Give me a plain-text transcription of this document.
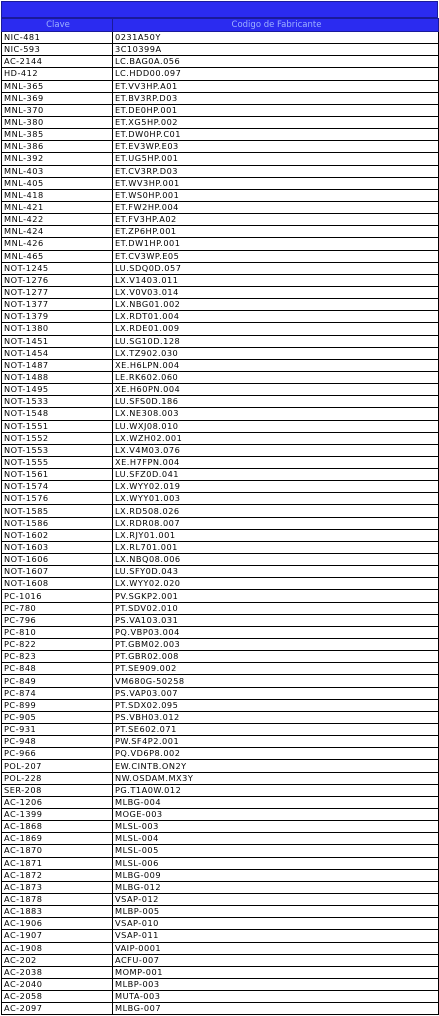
Clave	Codigo de Fabricante
NIC-481	0231A50Y
NIC-593	3C10399A
AC-2144	LC.BAG0A.056
HD-412	LC.HDD00.097
MNL-365	ET.VV3HP.A01
MNL-369	ET.BV3RP.D03
MNL-370	ET.DE0HP.001
MNL-380	ET.XG5HP.002
MNL-385	ET.DW0HP.C01
MNL-386	ET.EV3WP.E03
MNL-392	ET.UG5HP.001
MNL-403	ET.CV3RP.D03
MNL-405	ET.WV3HP.001
MNL-418	ET.WS0HP.001
MNL-421	ET.FW2HP.004
MNL-422	ET.FV3HP.A02
MNL-424	ET.ZP6HP.001
MNL-426	ET.DW1HP.001
MNL-465	ET.CV3WP.E05
NOT-1245	LU.SDQ0D.057
NOT-1276	LX.V1403.011
NOT-1277	LX.V0V03.014
NOT-1377	LX.NBG01.002
NOT-1379	LX.RDT01.004
NOT-1380	LX.RDE01.009
NOT-1451	LU.SG10D.128
NOT-1454	LX.TZ902.030
NOT-1487	XE.H6LPN.004
NOT-1488	LE.RK602.060
NOT-1495	XE.H60PN.004
NOT-1533	LU.SFS0D.186
NOT-1548	LX.NE308.003
NOT-1551	LU.WXJ08.010
NOT-1552	LX.WZH02.001
NOT-1553	LX.V4M03.076
NOT-1555	XE.H7FPN.004
NOT-1561	LU.SFZ0D.041
NOT-1574	LX.WYY02.019
NOT-1576	LX.WYY01.003
NOT-1585	LX.RD508.026
NOT-1586	LX.RDR08.007
NOT-1602	LX.RJY01.001
NOT-1603	LX.RL701.001
NOT-1606	LX.NBQ08.006
NOT-1607	LU.SFY0D.043
NOT-1608	LX.WYY02.020
PC-1016	PV.SGKP2.001
PC-780	PT.SDV02.010
PC-796	PS.VA103.031
PC-810	PQ.VBP03.004
PC-822	PT.GBM02.003
PC-823	PT.GBR02.008
PC-848	PT.SE909.002
PC-849	VM680G-50258
PC-874	PS.VAP03.007
PC-899	PT.SDX02.095
PC-905	PS.VBH03.012
PC-931	PT.SE602.071
PC-948	PW.SF4P2.001
PC-966	PQ.VD6P8.002
POL-207	EW.CINTB.ON2Y
POL-228	NW.OSDAM.MX3Y
SER-208	PG.T1A0W.012
AC-1206	MLBG-004
AC-1399	MOGE-003
AC-1868	MLSL-003
AC-1869	MLSL-004
AC-1870	MLSL-005
AC-1871	MLSL-006
AC-1872	MLBG-009
AC-1873	MLBG-012
AC-1878	VSAP-012
AC-1883	MLBP-005
AC-1906	VSAP-010
AC-1907	VSAP-011
AC-1908	VAIP-0001
AC-202	ACFU-007
AC-2038	MOMP-001
AC-2040	MLBP-003
AC-2058	MUTA-003
AC-2097	MLBG-007
